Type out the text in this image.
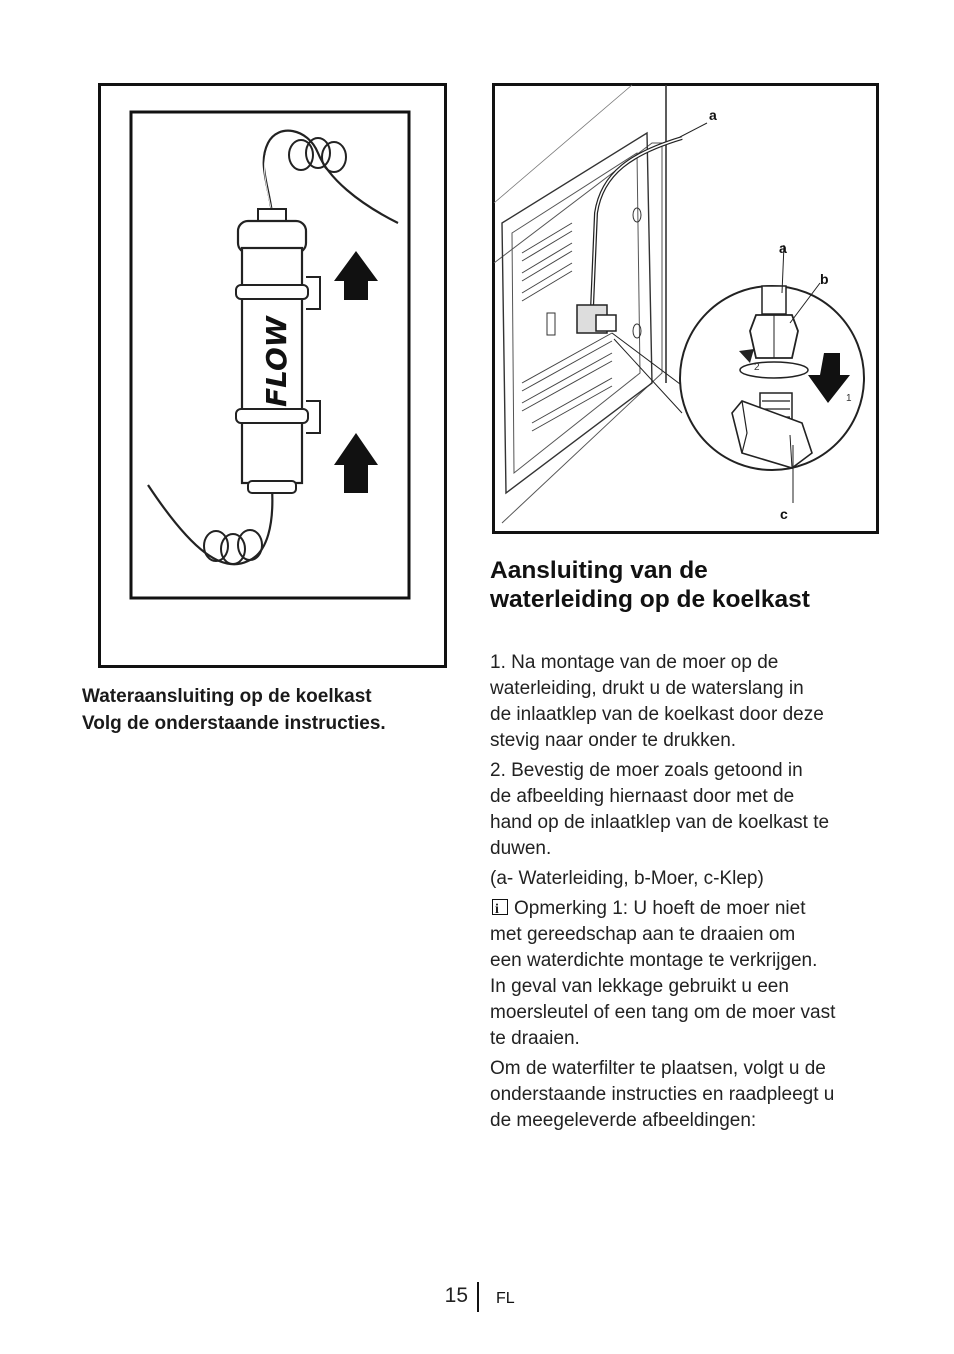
FLOW
a
a
b
c
1
2
Wateraansluiting op de koelkast
Volg de onderstaande instructies.
Aansluiting van de
waterleiding op de koelkast

1. Na montage van de moer op de
waterleiding, drukt u de waterslang in
de inlaatklep van de koelkast door deze
stevig naar onder te drukken.

2. Bevestig de moer zoals getoond in
de afbeelding hiernaast door met de
hand op de inlaatklep van de koelkast te
duwen.

(a- Waterleiding, b-Moer, c-Klep)

i Opmerking 1: U hoeft de moer niet
met gereedschap aan te draaien om
een waterdichte montage te verkrijgen.
In geval van lekkage gebruikt u een
moersleutel of een tang om de moer vast
te draaien.

Om de waterfilter te plaatsen, volgt u de
onderstaande instructies en raadpleegt u
de meegeleverde afbeeldingen:

15 FL
